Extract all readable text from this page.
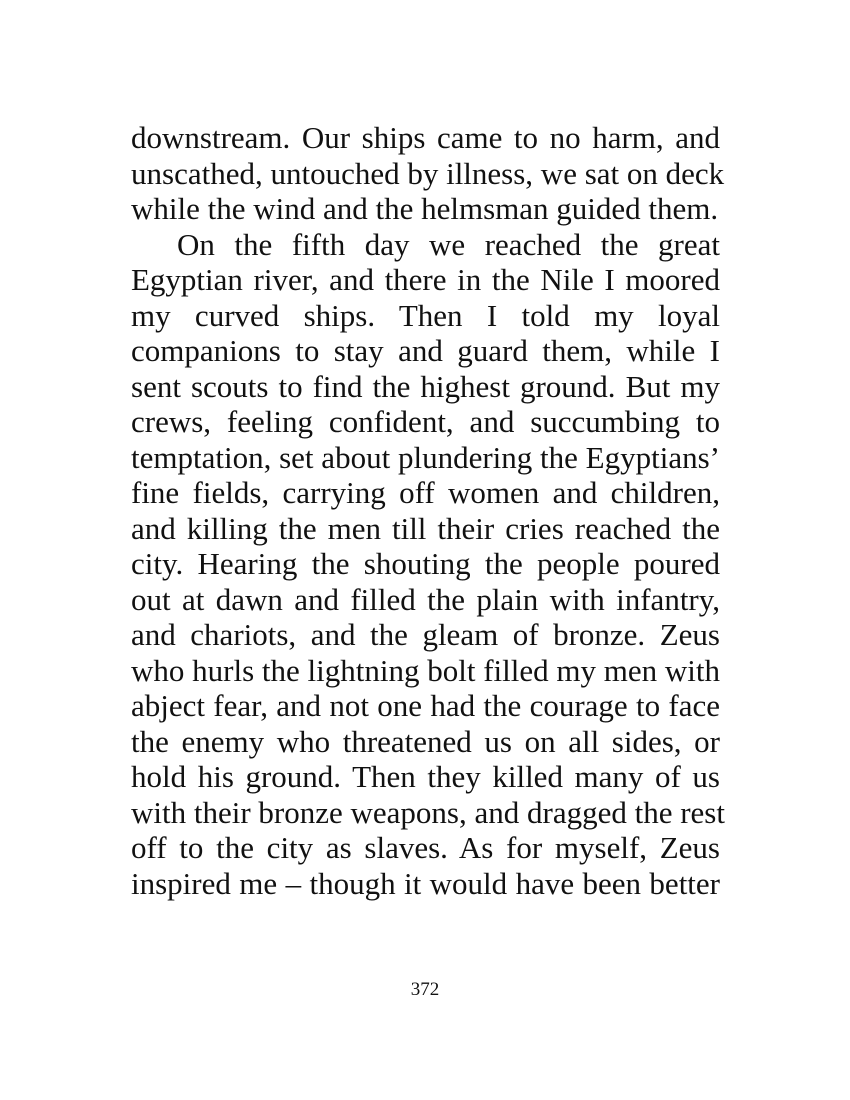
downstream. Our ships came to no harm, and
unscathed, untouched by illness, we sat on deck
while the wind and the helmsman guided them.
On the fifth day we reached the great
Egyptian river, and there in the Nile I moored
my curved ships. Then I told my loyal
companions to stay and guard them, while I
sent scouts to find the highest ground. But my
crews, feeling confident, and succumbing to
temptation, set about plundering the Egyptians’
fine fields, carrying off women and children,
and killing the men till their cries reached the
city. Hearing the shouting the people poured
out at dawn and filled the plain with infantry,
and chariots, and the gleam of bronze. Zeus
who hurls the lightning bolt filled my men with
abject fear, and not one had the courage to face
the enemy who threatened us on all sides, or
hold his ground. Then they killed many of us
with their bronze weapons, and dragged the rest
off to the city as slaves. As for myself, Zeus
inspired me – though it would have been better
372
